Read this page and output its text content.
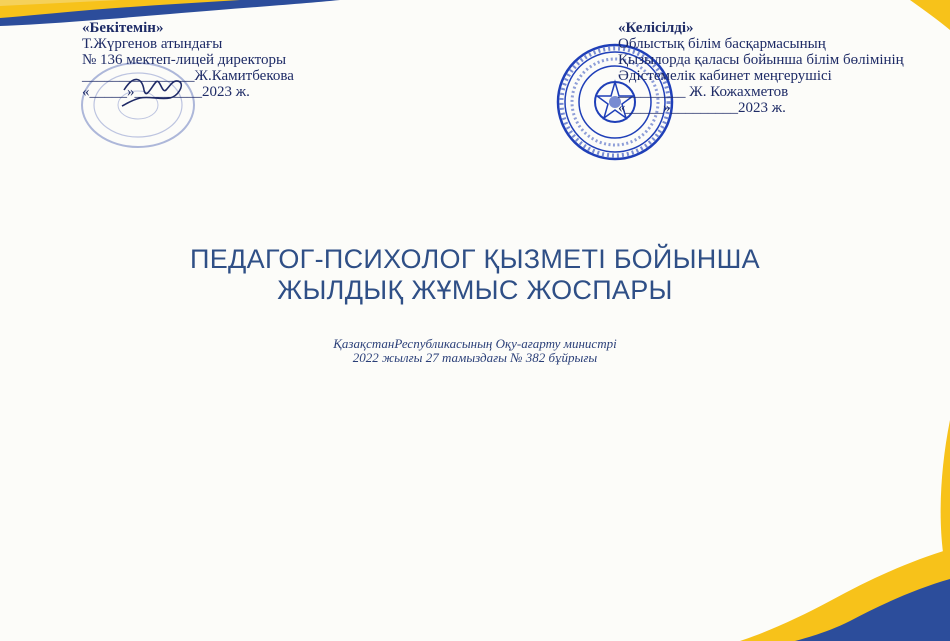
«Бекітемін»
Т.Жүргенов атындағы
№ 136 мектеп-лицей директоры
_______________Ж.Камитбекова
«_____»_________2023 ж.
«Келісілді»
Облыстық білім басқармасының
Қызылорда қаласы бойынша білім бөлімінің
Әдістемелік кабинет меңгерушісі
_________ Ж. Кожахметов
«_____»_________2023 ж.
ПЕДАГОГ-ПСИХОЛОГ ҚЫЗМЕТІ БОЙЫНША
ЖЫЛДЫҚ ЖҰМЫС ЖОСПАРЫ
ҚазақстанРеспубликасының Оқу-ағарту министрі
2022 жылғы 27 тамыздағы № 382 бұйрығы
